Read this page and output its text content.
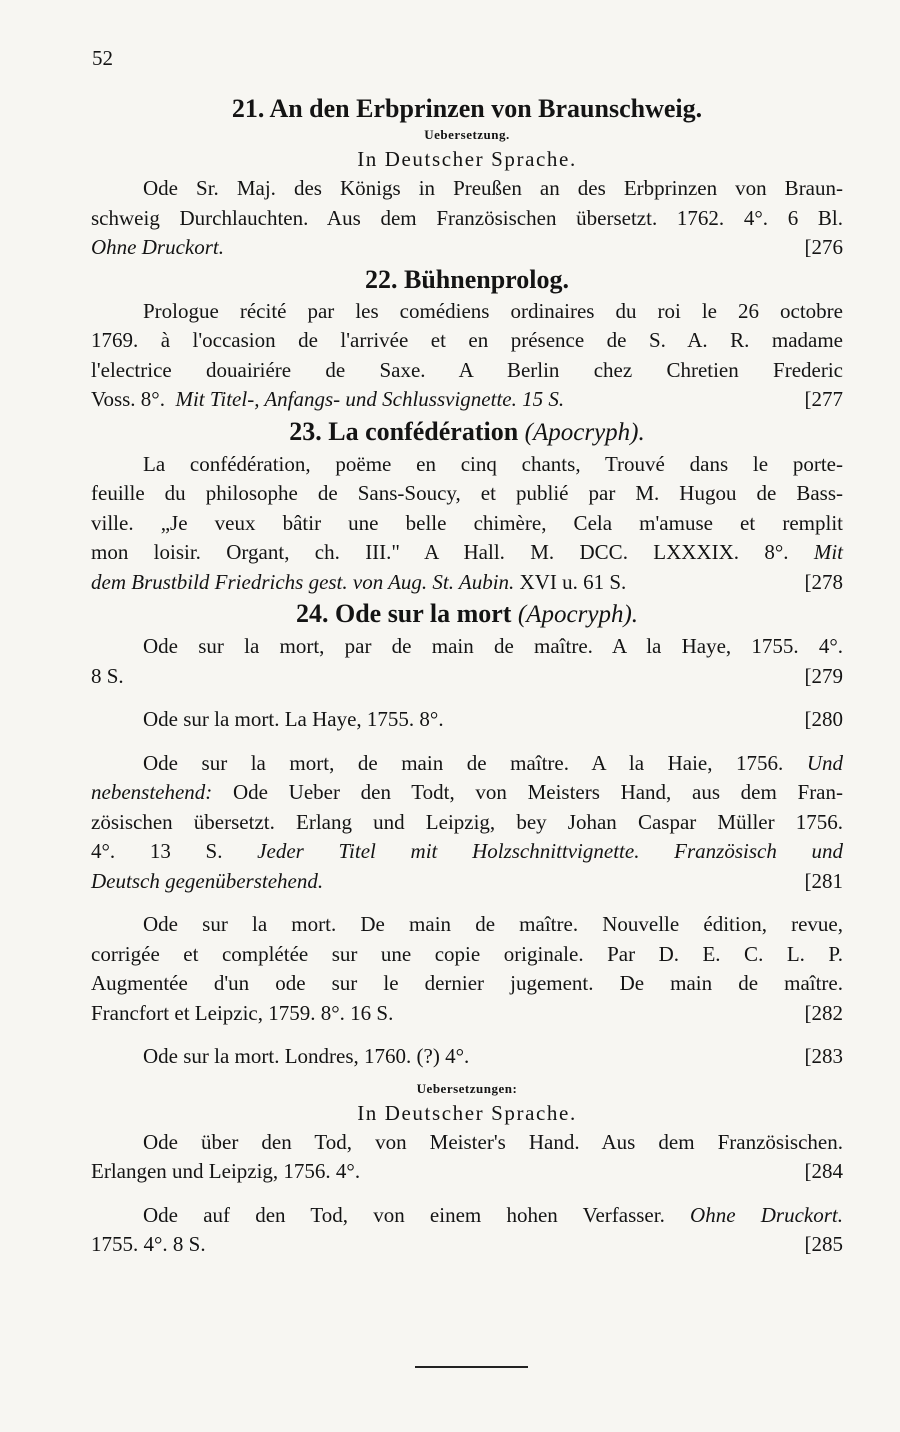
52

21. An den Erbprinzen von Braunschweig.

Uebersetzung.

In Deutscher Sprache.

Ode Sr. Maj. des Königs in Preußen an des Erbprinzen von Braun-

schweig Durchlauchten. Aus dem Französischen übersetzt. 1762. 4°. 6 Bl.

Ohne Druckort.	[276

22. Bühnenprolog.

Prologue récité par les comédiens ordinaires du roi le 26 octobre

1769. à l'occasion de l'arrivée et en présence de S. A. R. madame

l'electrice douairiére de Saxe. A Berlin chez Chretien Frederic

Voss. 8°. Mit Titel-, Anfangs- und Schlussvignette. 15 S.	[277

23. La confédération (Apocryph).

La confédération, poëme en cinq chants, Trouvé dans le porte-

feuille du philosophe de Sans-Soucy, et publié par M. Hugou de Bass-

ville. „Je veux bâtir une belle chimère, Cela m'amuse et remplit

mon loisir. Organt, ch. III." A Hall. M. DCC. LXXXIX. 8°. Mit

dem Brustbild Friedrichs gest. von Aug. St. Aubin. XVI u. 61 S.	[278

24. Ode sur la mort (Apocryph).

Ode sur la mort, par de main de maître. A la Haye, 1755. 4°.

8 S.	[279

Ode sur la mort. La Haye, 1755. 8°.	[280

Ode sur la mort, de main de maître. A la Haie, 1756. Und

nebenstehend: Ode Ueber den Todt, von Meisters Hand, aus dem Fran-

zösischen übersetzt. Erlang und Leipzig, bey Johan Caspar Müller 1756.

4°. 13 S. Jeder Titel mit Holzschnittvignette. Französisch und

Deutsch gegenüberstehend.	[281

Ode sur la mort. De main de maître. Nouvelle édition, revue,

corrigée et complétée sur une copie originale. Par D. E. C. L. P.

Augmentée d'un ode sur le dernier jugement. De main de maître.

Francfort et Leipzic, 1759. 8°. 16 S.	[282

Ode sur la mort. Londres, 1760. (?) 4°.	[283

Uebersetzungen:

In Deutscher Sprache.

Ode über den Tod, von Meister's Hand. Aus dem Französischen.

Erlangen und Leipzig, 1756. 4°.	[284

Ode auf den Tod, von einem hohen Verfasser. Ohne Druckort.

1755. 4°. 8 S.	[285
